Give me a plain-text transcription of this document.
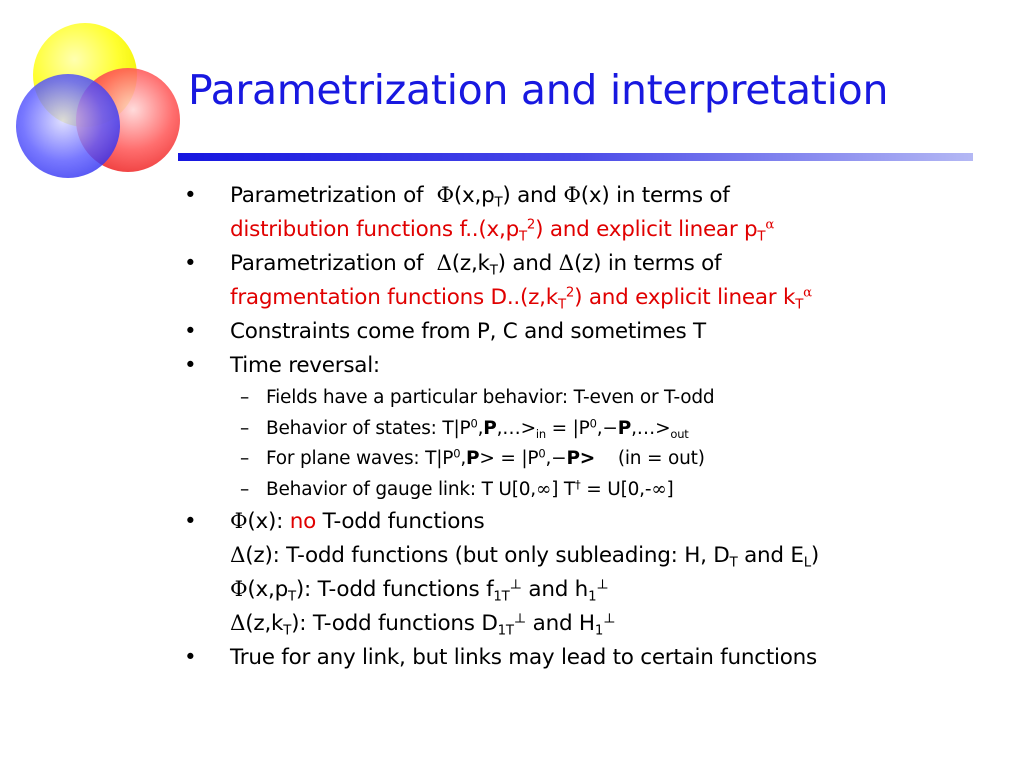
Parametrization and interpretation
• Parametrization of  $\Phi(x,p_T)$ and Φ(x) in terms of
distribution functions $f..(x,p_T^2)$ and explicit linear $p_T^\alpha$
• Parametrization of  $\Delta(z,k_T)$ and Δ(z) in terms of
fragmentation functions $D..(z,k_T^2)$ and explicit linear $k_T^\alpha$
• Constraints come from P, C and sometimes T
• Time reversal:
– Fields have a particular behavior: T-even or T-odd
– Behavior of states: $T|P^0,P,\dots>_{in}$ = $|P^0,-P,\dots>_{out}$
– For plane waves: $T|P^0,P> = |P^0,-P>$    (in = out)
– Behavior of gauge link: T U[0,∞] T† = U[0,-∞]
• Φ(x): no T-odd functions
Δ(z): T-odd functions (but only subleading: H, $D_T$ and $E_L$)
$\Phi(x,p_T)$: T-odd functions $f_{1T}^\perp$ and $h_1^\perp$
$\Delta(z,k_T)$: T-odd functions $D_{1T}^\perp$ and $H_1^\perp$
• True for any link, but links may lead to certain functions
